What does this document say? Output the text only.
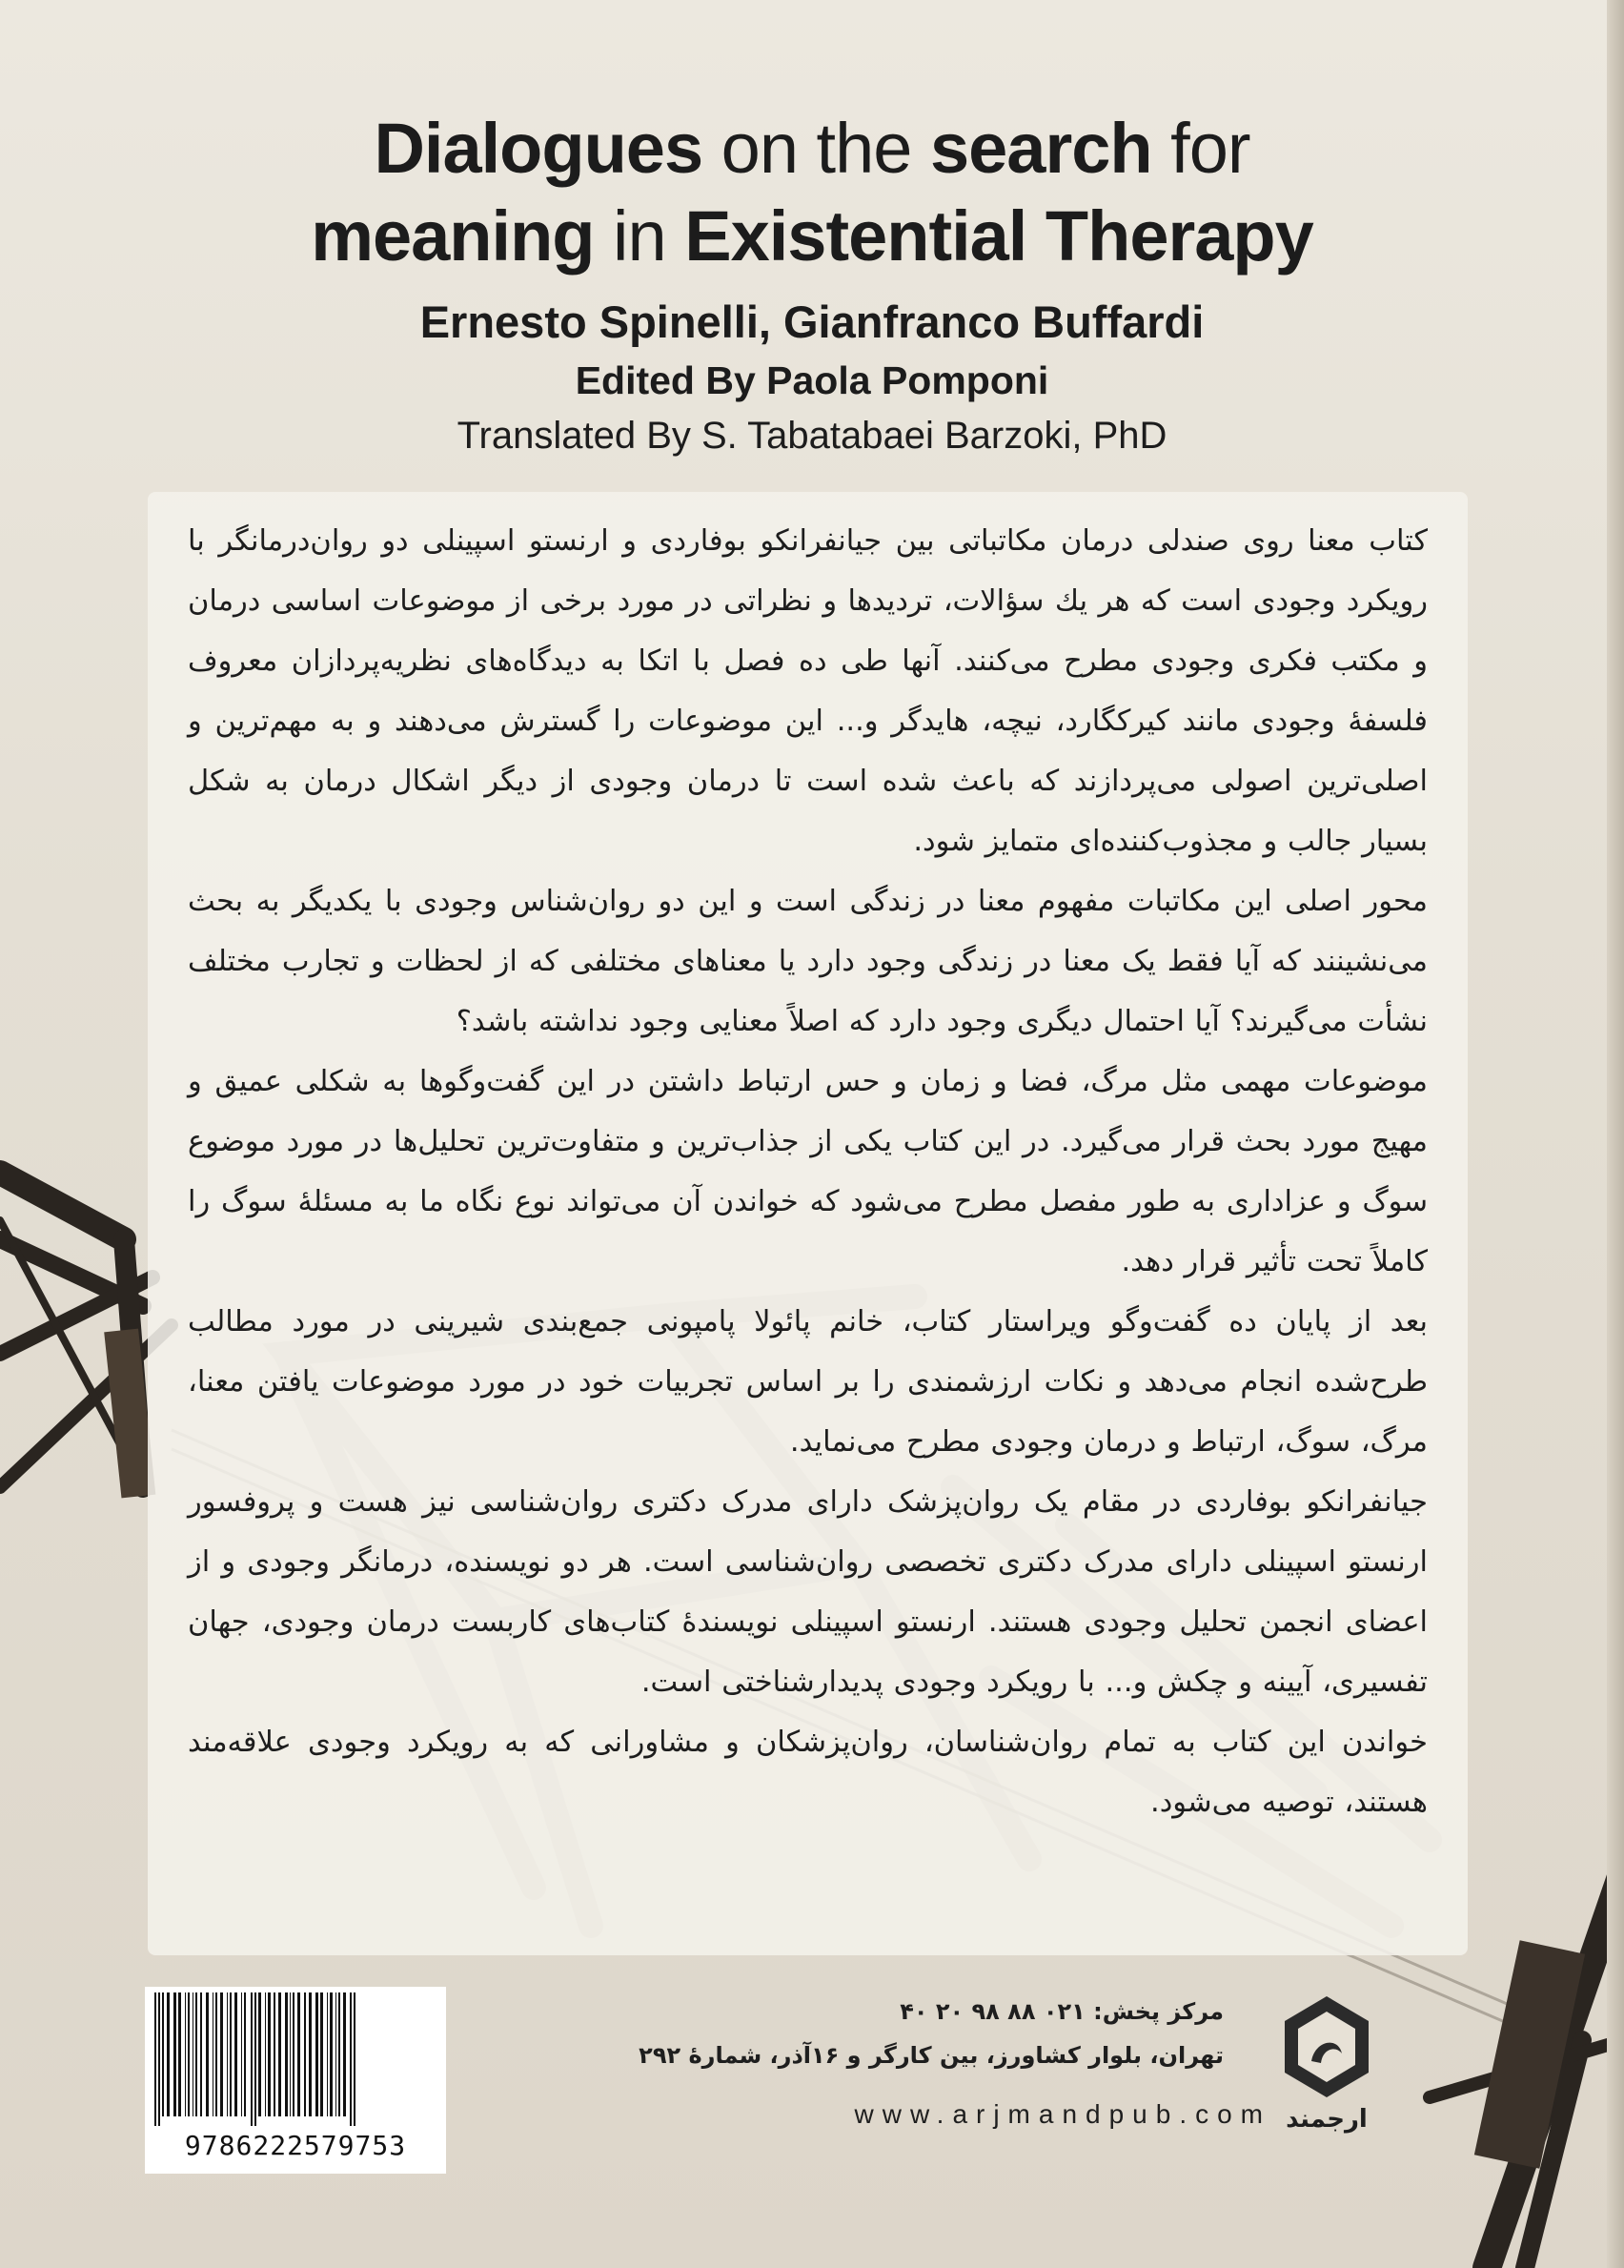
Dialogues on the search for
meaning in Existential Therapy
Ernesto Spinelli, Gianfranco Buffardi
Edited By Paola Pomponi
Translated By S. Tabatabaei Barzoki, PhD

کتاب معنا روی صندلی درمان مکاتباتی بین جیانفرانکو بوفاردی و ارنستو اسپینلی دو روان‌درمانگر با رویکرد وجودی است که هر یك سؤالات، تردیدها و نظراتی در مورد برخی از موضوعات اساسی درمان و مکتب فکری وجودی مطرح می‌کنند. آنها طی ده فصل با اتکا به دیدگاه‌های نظریه‌پردازان معروف فلسفهٔ وجودی مانند کیرکگارد، نیچه، هایدگر و... این موضوعات را گسترش می‌دهند و به مهم‌ترین و اصلی‌ترین اصولی می‌پردازند که باعث شده است تا درمان وجودی از دیگر اشکال درمان به شکل بسیار جالب و مجذوب‌کننده‌ای متمایز شود.

محور اصلی این مکاتبات مفهوم معنا در زندگی است و این دو روان‌شناس وجودی با یکدیگر به بحث می‌نشینند که آیا فقط یک معنا در زندگی وجود دارد یا معناهای مختلفی که از لحظات و تجارب مختلف نشأت می‌گیرند؟ آیا احتمال دیگری وجود دارد که اصلاً معنایی وجود نداشته باشد؟

موضوعات مهمی مثل مرگ، فضا و زمان و حس ارتباط داشتن در این گفت‌وگوها به شکلی عمیق و مهیج مورد بحث قرار می‌گیرد. در این کتاب یکی از جذاب‌ترین و متفاوت‌ترین تحلیل‌ها در مورد موضوع سوگ و عزاداری به طور مفصل مطرح می‌شود که خواندن آن می‌تواند نوع نگاه ما به مسئلهٔ سوگ را کاملاً تحت تأثیر قرار دهد.

بعد از پایان ده گفت‌وگو ویراستار کتاب، خانم پائولا پامپونی جمع‌بندی شیرینی در مورد مطالب طرح‌شده انجام می‌دهد و نکات ارزشمندی را بر اساس تجربیات خود در مورد موضوعات یافتن معنا، مرگ، سوگ، ارتباط و درمان وجودی مطرح می‌نماید.

جیانفرانکو بوفاردی در مقام یک روان‌پزشک دارای مدرک دکتری روان‌شناسی نیز هست و پروفسور ارنستو اسپینلی دارای مدرک دکتری تخصصی روان‌شناسی است. هر دو نویسنده، درمانگر وجودی و از اعضای انجمن تحلیل وجودی هستند. ارنستو اسپینلی نویسندهٔ کتاب‌های کاربست درمان وجودی، جهان تفسیری، آیینه و چکش و... با رویکرد وجودی پدیدارشناختی است.

خواندن این کتاب به تمام روان‌شناسان، روان‌پزشکان و مشاورانی که به رویکرد وجودی علاقه‌مند هستند، توصیه می‌شود.

9786222579753
مرکز پخش: ۰۲۱ ۸۸ ۹۸ ۲۰ ۴۰
تهران، بلوار کشاورز، بین کارگر و ۱۶آذر، شمارهٔ ۲۹۲
www.arjmandpub.com ارجمند
